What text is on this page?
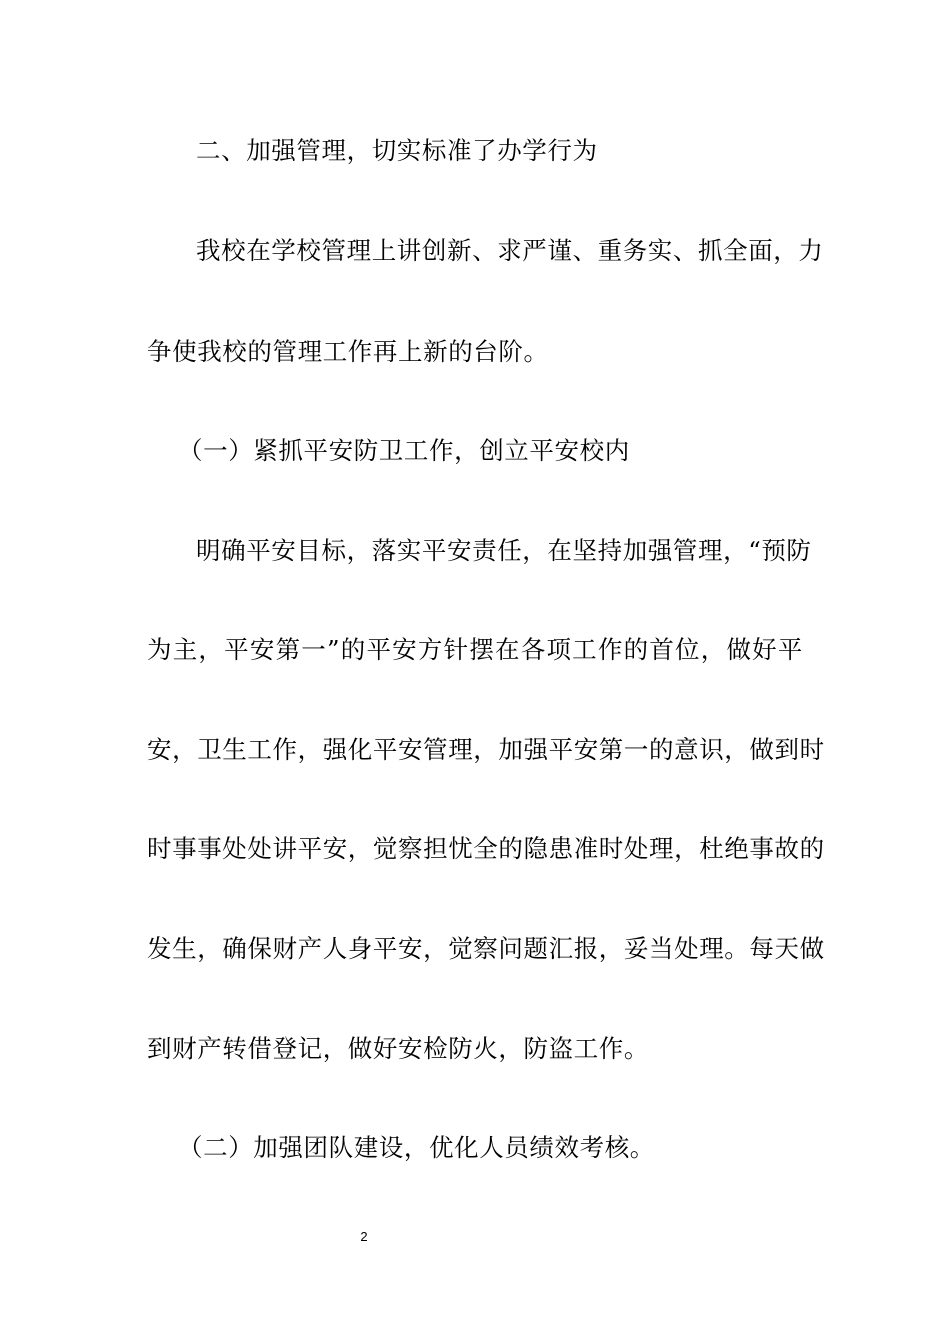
二、加强管理，切实标准了办学行为
我校在学校管理上讲创新、求严谨、重务实、抓全面，力
争使我校的管理工作再上新的台阶。
（一）紧抓平安防卫工作，创立平安校内
明确平安目标，落实平安责任，在坚持加强管理，“预防
为主，平安第一”的平安方针摆在各项工作的首位，做好平
安，卫生工作，强化平安管理，加强平安第一的意识，做到时
时事事处处讲平安，觉察担忧全的隐患准时处理，杜绝事故的
发生，确保财产人身平安，觉察问题汇报，妥当处理。每天做
到财产转借登记，做好安检防火，防盗工作。
（二）加强团队建设，优化人员绩效考核。
2
